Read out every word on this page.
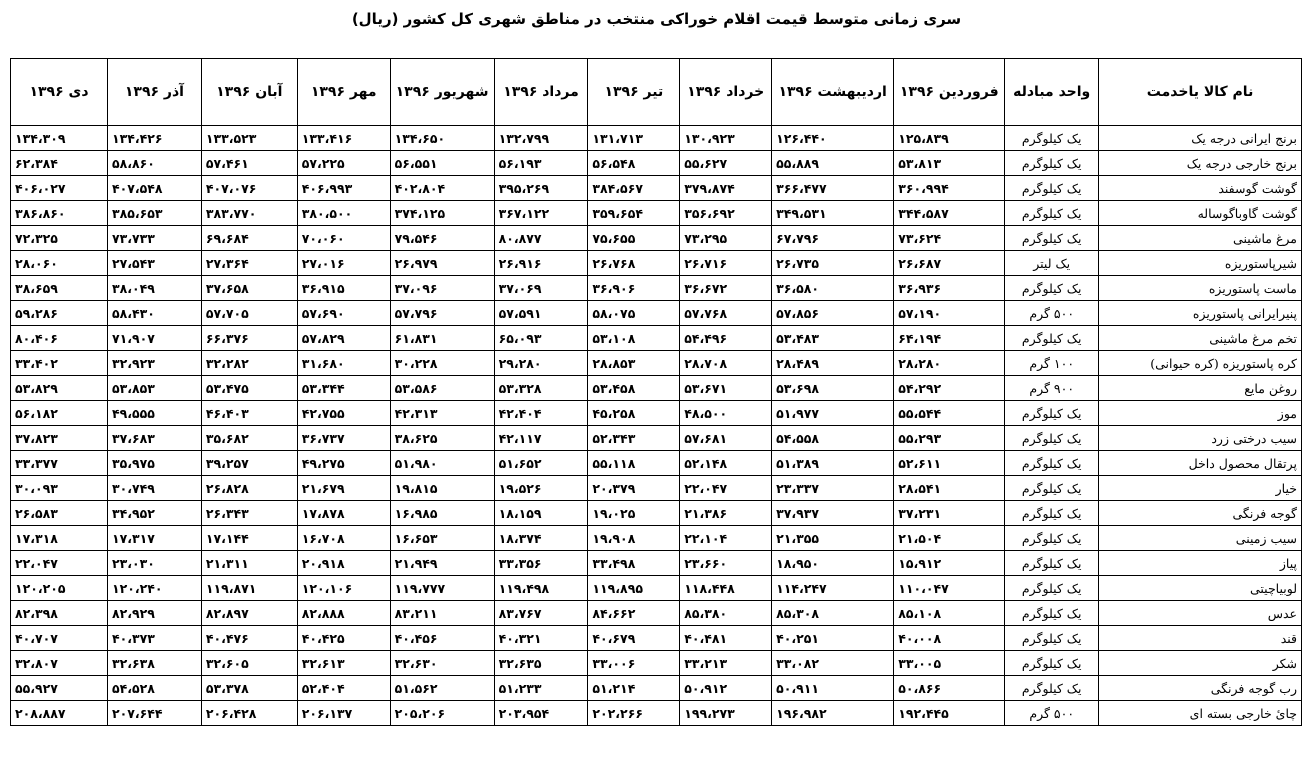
سری زمانی متوسط قیمت اقلام خوراکی منتخب در مناطق شهری کل کشور (ریال)
نام کالا یاخدمت	واحد مبادله	فروردین ۱۳۹۶	اردیبهشت ۱۳۹۶	خرداد ۱۳۹۶	تیر ۱۳۹۶	مرداد ۱۳۹۶	شهریور ۱۳۹۶	مهر ۱۳۹۶	آبان ۱۳۹۶	آذر ۱۳۹۶	دی ۱۳۹۶
برنج ایرانی درجه یک	یک کیلوگرم	۱۲۵،۸۳۹	۱۲۶،۴۴۰	۱۳۰،۹۲۳	۱۳۱،۷۱۳	۱۳۲،۷۹۹	۱۳۴،۶۵۰	۱۳۳،۴۱۶	۱۳۳،۵۲۳	۱۳۴،۴۲۶	۱۳۴،۳۰۹
برنج خارجی درجه یک	یک کیلوگرم	۵۳،۸۱۳	۵۵،۸۸۹	۵۵،۶۲۷	۵۶،۵۴۸	۵۶،۱۹۳	۵۶،۵۵۱	۵۷،۲۲۵	۵۷،۴۶۱	۵۸،۸۶۰	۶۲،۳۸۴
گوشت گوسفند	یک کیلوگرم	۳۶۰،۹۹۴	۳۶۶،۴۷۷	۳۷۹،۸۷۴	۳۸۴،۵۶۷	۳۹۵،۲۶۹	۴۰۲،۸۰۴	۴۰۶،۹۹۳	۴۰۷،۰۷۶	۴۰۷،۵۴۸	۴۰۶،۰۲۷
گوشت گاوباگوساله	یک کیلوگرم	۳۴۴،۵۸۷	۳۴۹،۵۳۱	۳۵۶،۶۹۲	۳۵۹،۶۵۴	۳۶۷،۱۲۲	۳۷۴،۱۲۵	۳۸۰،۵۰۰	۳۸۳،۷۷۰	۳۸۵،۶۵۳	۳۸۶،۸۶۰
مرغ ماشینی	یک کیلوگرم	۷۳،۶۲۴	۶۷،۷۹۶	۷۳،۲۹۵	۷۵،۶۵۵	۸۰،۸۷۷	۷۹،۵۴۶	۷۰،۰۶۰	۶۹،۶۸۴	۷۳،۷۳۳	۷۲،۳۲۵
شیرپاستوریزه	یک لیتر	۲۶،۶۸۷	۲۶،۷۳۵	۲۶،۷۱۶	۲۶،۷۶۸	۲۶،۹۱۶	۲۶،۹۷۹	۲۷،۰۱۶	۲۷،۳۶۴	۲۷،۵۴۳	۲۸،۰۶۰
ماست پاستوریزه	یک کیلوگرم	۳۶،۹۳۶	۳۶،۵۸۰	۳۶،۶۷۲	۳۶،۹۰۶	۳۷،۰۶۹	۳۷،۰۹۶	۳۶،۹۱۵	۳۷،۶۵۸	۳۸،۰۴۹	۳۸،۶۵۹
پنیرایرانی پاستوریزه	۵۰۰ گرم	۵۷،۱۹۰	۵۷،۸۵۶	۵۷،۷۶۸	۵۸،۰۷۵	۵۷،۵۹۱	۵۷،۷۹۶	۵۷،۶۹۰	۵۷،۷۰۵	۵۸،۴۳۰	۵۹،۲۸۶
تخم مرغ ماشینی	یک کیلوگرم	۶۴،۱۹۴	۵۳،۴۸۳	۵۴،۴۹۶	۵۳،۱۰۸	۶۵،۰۹۳	۶۱،۸۳۱	۵۷،۸۲۹	۶۶،۳۷۶	۷۱،۹۰۷	۸۰،۴۰۶
کره پاستوریزه (کره حیوانی)	۱۰۰ گرم	۲۸،۲۸۰	۲۸،۴۸۹	۲۸،۷۰۸	۲۸،۸۵۳	۲۹،۲۸۰	۳۰،۲۲۸	۳۱،۶۸۰	۳۲،۲۸۲	۳۲،۹۲۳	۳۳،۴۰۲
روغن مایع	۹۰۰ گرم	۵۴،۲۹۲	۵۳،۶۹۸	۵۳،۶۷۱	۵۳،۴۵۸	۵۳،۳۲۸	۵۳،۵۸۶	۵۳،۳۴۴	۵۳،۴۷۵	۵۳،۸۵۳	۵۳،۸۲۹
موز	یک کیلوگرم	۵۵،۵۴۴	۵۱،۹۷۷	۴۸،۵۰۰	۴۵،۲۵۸	۴۲،۴۰۴	۴۲،۳۱۳	۴۲،۷۵۵	۴۶،۴۰۳	۴۹،۵۵۵	۵۶،۱۸۲
سیب درختی زرد	یک کیلوگرم	۵۵،۲۹۳	۵۴،۵۵۸	۵۷،۶۸۱	۵۲،۳۴۳	۴۲،۱۱۷	۳۸،۶۲۵	۳۶،۷۳۷	۳۵،۶۸۲	۳۷،۶۸۳	۳۷،۸۲۳
پرتقال محصول داخل	یک کیلوگرم	۵۲،۶۱۱	۵۱،۳۸۹	۵۲،۱۴۸	۵۵،۱۱۸	۵۱،۶۵۲	۵۱،۹۸۰	۴۹،۲۷۵	۳۹،۲۵۷	۳۵،۹۷۵	۳۳،۳۷۷
خیار	یک کیلوگرم	۲۸،۵۴۱	۲۳،۳۳۷	۲۲،۰۴۷	۲۰،۳۷۹	۱۹،۵۲۶	۱۹،۸۱۵	۲۱،۶۷۹	۲۶،۸۲۸	۳۰،۷۴۹	۳۰،۰۹۳
گوجه فرنگی	یک کیلوگرم	۳۷،۲۳۱	۳۷،۹۳۷	۲۱،۳۸۶	۱۹،۰۲۵	۱۸،۱۵۹	۱۶،۹۸۵	۱۷،۸۷۸	۲۶،۳۴۳	۳۴،۹۵۲	۲۶،۵۸۳
سیب زمینی	یک کیلوگرم	۲۱،۵۰۴	۲۱،۳۵۵	۲۲،۱۰۴	۱۹،۹۰۸	۱۸،۳۷۴	۱۶،۶۵۳	۱۶،۷۰۸	۱۷،۱۴۴	۱۷،۳۱۷	۱۷،۳۱۸
پیاز	یک کیلوگرم	۱۵،۹۱۲	۱۸،۹۵۰	۲۳،۶۶۰	۳۳،۴۹۸	۳۳،۳۵۶	۲۱،۹۴۹	۲۰،۹۱۸	۲۱،۳۱۱	۲۳،۰۳۰	۲۲،۰۴۷
لوبیاچیتی	یک کیلوگرم	۱۱۰،۰۴۷	۱۱۴،۲۴۷	۱۱۸،۴۴۸	۱۱۹،۸۹۵	۱۱۹،۴۹۸	۱۱۹،۷۷۷	۱۲۰،۱۰۶	۱۱۹،۸۷۱	۱۲۰،۲۴۰	۱۲۰،۲۰۵
عدس	یک کیلوگرم	۸۵،۱۰۸	۸۵،۳۰۸	۸۵،۳۸۰	۸۴،۶۶۲	۸۳،۷۶۷	۸۳،۲۱۱	۸۲،۸۸۸	۸۲،۸۹۷	۸۲،۹۲۹	۸۲،۳۹۸
قند	یک کیلوگرم	۴۰،۰۰۸	۴۰،۲۵۱	۴۰،۴۸۱	۴۰،۶۷۹	۴۰،۳۲۱	۴۰،۴۵۶	۴۰،۴۲۵	۴۰،۴۷۶	۴۰،۳۷۳	۴۰،۷۰۷
شکر	یک کیلوگرم	۳۳،۰۰۵	۳۳،۰۸۲	۳۳،۲۱۳	۳۳،۰۰۶	۳۲،۶۳۵	۳۲،۶۳۰	۳۲،۶۱۳	۳۲،۶۰۵	۳۲،۶۳۸	۳۲،۸۰۷
رب گوجه فرنگی	یک کیلوگرم	۵۰،۸۶۶	۵۰،۹۱۱	۵۰،۹۱۲	۵۱،۲۱۴	۵۱،۲۳۳	۵۱،۵۶۲	۵۲،۴۰۴	۵۳،۳۷۸	۵۴،۵۲۸	۵۵،۹۲۷
چائ خارجی بسته ای	۵۰۰ گرم	۱۹۲،۴۴۵	۱۹۶،۹۸۲	۱۹۹،۲۷۳	۲۰۲،۲۶۶	۲۰۳،۹۵۴	۲۰۵،۲۰۶	۲۰۶،۱۳۷	۲۰۶،۴۲۸	۲۰۷،۶۴۴	۲۰۸،۸۸۷
